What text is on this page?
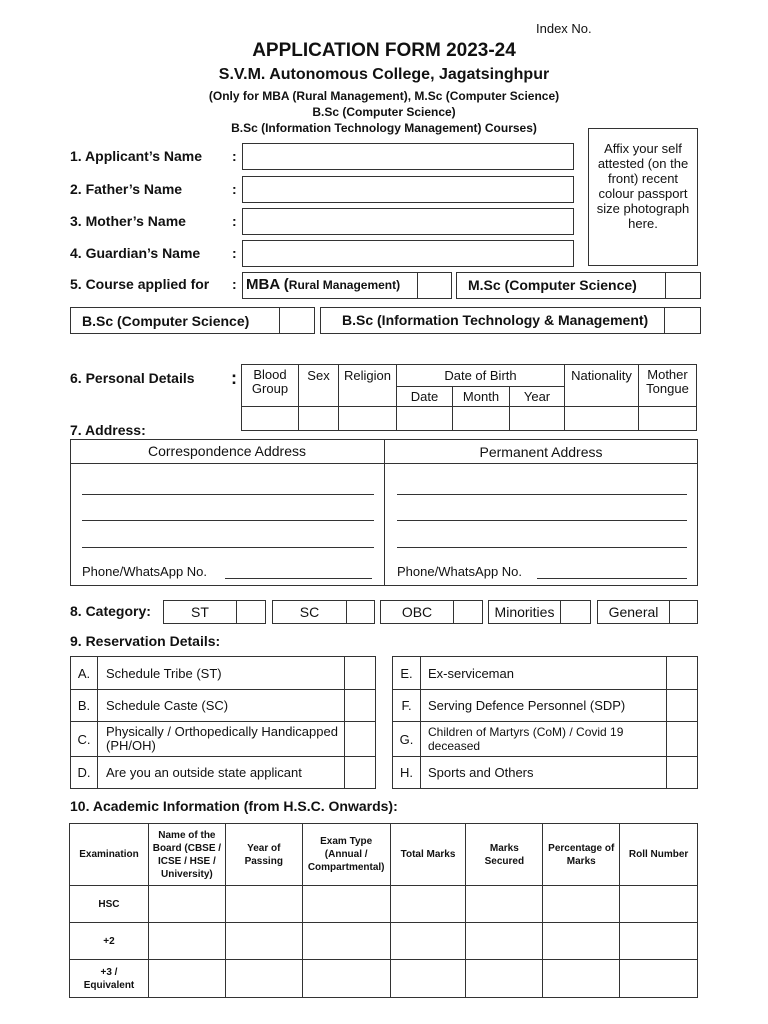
Index No.
APPLICATION FORM 2023-24
S.V.M. Autonomous College, Jagatsinghpur
(Only for MBA (Rural Management), M.Sc (Computer Science)
B.Sc (Computer Science)
B.Sc (Information Technology Management) Courses)
Affix your self attested (on the front) recent colour passport size photograph here.
1. Applicant’s Name :
2. Father’s Name	:
3. Mother’s Name	:
4. Guardian’s Name :
5. Course applied for : MBA (Rural Management)	M.Sc (Computer Science)
B.Sc (Computer Science)	B.Sc (Information Technology & Management)
6. Personal Details : Blood Group	Sex	Religion	Date of Birth			Nationality	Mother Tongue
			Date	Month	Year		

7. Address:
Correspondence Address	Permanent Address
Phone/WhatsApp No.	Phone/WhatsApp No.
8. Category:	ST	SC	OBC	Minorities	General
9. Reservation Details:
A.	Schedule Tribe (ST)	
B.	Schedule Caste (SC)	
C.	Physically / Orthopedically Handicapped (PH/OH)	
D.	Are you an outside state applicant	
E.	Ex-serviceman	
F.	Serving Defence Personnel (SDP)	
G.	Children of Martyrs (CoM) / Covid 19 deceased	
H.	Sports and Others	
10. Academic Information (from H.S.C. Onwards):
Examination	Name of the Board (CBSE / ICSE / HSE / University)	Year of Passing	Exam Type (Annual / Compartmental)	Total Marks	Marks Secured	Percentage of Marks	Roll Number
HSC							
+2							
+3 / Equivalent							
